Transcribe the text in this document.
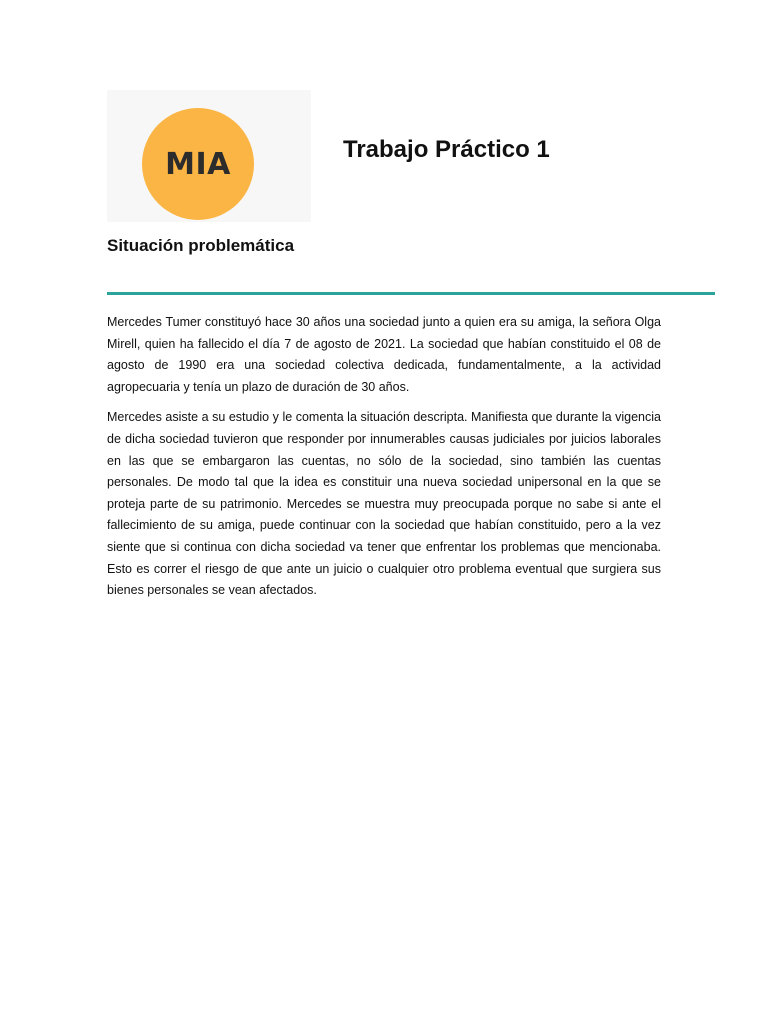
MIA	Trabajo Práctico 1
Situación problemática

Mercedes Tumer constituyó hace 30 años una sociedad junto a quien era su amiga, la señora Olga Mirell, quien ha fallecido el día 7 de agosto de 2021. La sociedad que habían constituido el 08 de agosto de 1990 era una sociedad colectiva dedicada, fundamentalmente, a la actividad agropecuaria y tenía un plazo de duración de 30 años.

Mercedes asiste a su estudio y le comenta la situación descripta. Manifiesta que durante la vigencia de dicha sociedad tuvieron que responder por innumerables causas judiciales por juicios laborales en las que se embargaron las cuentas, no sólo de la sociedad, sino también las cuentas personales. De modo tal que la idea es constituir una nueva sociedad unipersonal en la que se proteja parte de su patrimonio. Mercedes se muestra muy preocupada porque no sabe si ante el fallecimiento de su amiga, puede continuar con la sociedad que habían constituido, pero a la vez siente que si continua con dicha sociedad va tener que enfrentar los problemas que mencionaba. Esto es correr el riesgo de que ante un juicio o cualquier otro problema eventual que surgiera sus bienes personales se vean afectados.
